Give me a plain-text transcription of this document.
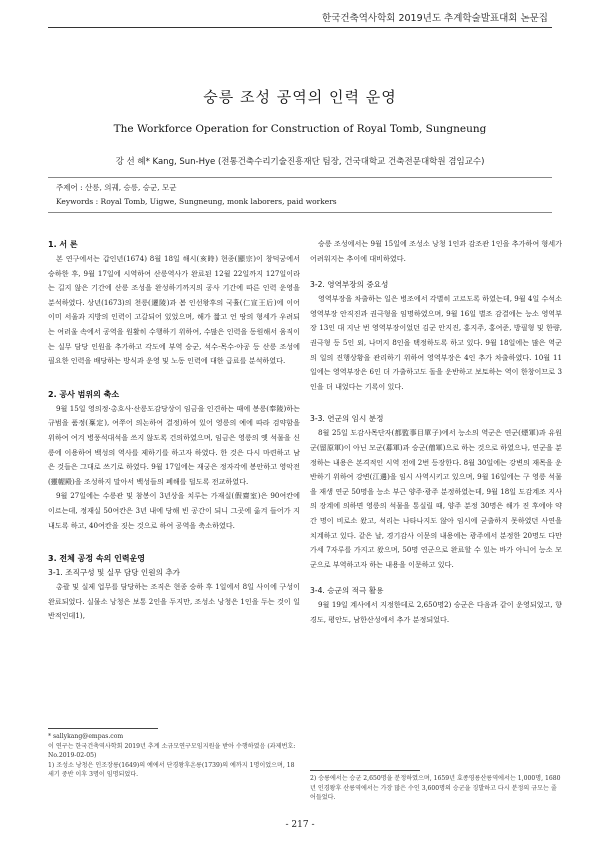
한국건축역사학회 2019년도 추계학술발표대회 논문집
숭릉 조성 공역의 인력 운영
The Workforce Operation for Construction of Royal Tomb, Sungneung
강 선 혜* Kang, Sun-Hye (전통건축수리기술진흥재단 팀장, 건국대학교 건축전문대학원 겸임교수)
주제어 : 산릉, 의궤, 승릉, 승군, 모군
Keywords : Royal Tomb, Uigwe, Sungneung, monk laborers, paid workers
1. 서 론
본 연구에서는 갑인년(1674) 8월 18일 해시(亥時) 현종(顯宗)이 창덕궁에서 승하한 후, 9월 17일에 시역하여 산릉역사가 완료된 12월 22일까지 127일이라는 길지 않은 기간에 산릉 조성을 완성하기까지의 공사 기간에 따른 인력 운영을 분석하였다. 상년(1673)의 천릉(遷陵)과 봄 인선왕후의 국휼(仁宣王后)에 이어 이미 서울과 지방의 인력이 고갈되어 있었으며, 해가 짧고 언 땅의 형세가 우려되는 여러울 속에서 공역을 원활히 수행하기 위하여, 수많은 인력을 동원해서 움직이는 실무 담당 인원을 추가하고 각도에 부역 승군, 석수·목수·야공 등 산릉 조성에 필요한 인력을 배당하는 방식과 운영 및 노동 인력에 대한 급료를 분석하였다.
2. 공사 범위의 축소
9월 15일 영의정·총호사·산릉도감당상이 임금을 인견하는 때에 봉릉(奉陵)하는 규범을 품정(稟定), 여쭈어 의논하여 결정)하여 있어 영릉의 예에 따라 검약함을 위하여 여겨 병풍석대석을 쓰지 않도록 건의하였으며, 임금은 영릉의 옛 석물을 신릉에 이용하여 백성의 역사를 제하기를 하고자 하였다. 한 것은 다시 마련하고 남은 것들은 그대로 쓰기로 하였다. 9월 17일에는 재궁은 정자각에 봉안하고 영악전(靈幄殿)을 조성하지 말아서 백성들의 폐해를 덜도록 전교하였다.
9월 27일에는 수릉관 및 참봉이 3년상을 치루는 가재실(假齋室)은 90여칸에 이르는데, 정재실 50여칸은 3년 내에 당해 빈 공간이 되니 그곳에 옮겨 들어가 지내도록 하고, 40여칸을 짓는 것으로 하여 공역을 축소하였다.
3. 전체 공정 속의 인력운영
3-1. 조직구성 및 실무 담당 인원의 추가
총괄 및 실제 업무를 담당하는 조직은 현종 승하 후 1일에서 8일 사이에 구성이 완료되었다. 실물소 낭청은 보통 2인을 두지만, 조성소 낭청은 1인을 두는 것이 일반적인데1),
승릉 조성에서는 9월 15일에 조성소 낭청 1인과 감조관 1인을 추가하여 형세가 어려워지는 추이에 대비하였다.
3-2. 영역부장의 중요성
영역부장을 차출하는 일은 병조에서 각별히 고르도록 하였는데, 9월 4일 수석소 영역부장 안직진과 권극형을 임명하였으며, 9월 16일 별조 감결에는 능소 영역부장 13인 대 지난 번 영역부장이었던 김군 안지진, 홍지주, 홍여준, 방필형 및 한량, 권극형 등 5인 외, 나머지 8인을 택정하도록 하고 있다. 9월 18일에는 많은 역군의 일의 진행상황을 관리하기 위하여 영역부장은 4인 추가 차출하였다. 10월 11일에는 영역부장은 6인 더 가출하고도 돌을 운반하고 보토하는 역이 한창이므로 3인을 더 내었다는 기록이 있다.
3-3. 연군의 임시 분정
8월 25일 도감사목단자(都監事目單子)에서 능소의 역군은 연군(煙軍)과 유원군(留原軍)이 아닌 모군(募軍)과 승군(僧軍)으로 하는 것으로 하였으나, 연군을 분정하는 내용은 본격적인 시역 전에 2번 등장한다. 8월 30일에는 강변의 재목을 운반하기 위하여 강변(江邊)을 임시 사역시키고 있으며, 9월 16일에는 구 영릉 석물을 재생 연군 50명을 능소 부근 양주·광주 분정하였는데, 9월 18일 도감계조 지사의 장계에 의하면 영릉의 석물을 통실릴 때, 양주 분정 30명은 해가 진 후에야 약간 명이 비로소 왔고, 석리는 나타나지도 않아 임시에 굳출하지 못하였던 사연을 치계하고 있다. 같은 날, 경기감사 이문의 내용에는 광주에서 분정한 20명도 다만 가세 7자루를 가지고 왔으며, 50명 연군으로 완료할 수 있는 바가 아니어 능소 모군으로 부역하고자 하는 내용을 이문하고 있다.
3-4. 승군의 적극 활용
9월 19일 계사에서 지정한데로 2,650명2) 승군은 다음과 같이 운영되었고, 향경도, 평안도, 남한산성에서 추가 분정되었다.
* sallykang@empas.com
이 연구는 한국건축역사학회 2019년 추계 소규모연구모임지원을 받아 수행하였음 (과제번호: No.2019-02-05)
1) 조성소 낭청은 인조장릉(1649)의 예에서 단경왕후온릉(1739)의 예까지 1명이었으며, 18세기 중반 이후 3명이 임명되었다.
2) 승릉에서는 승군 2,650명을 분정하였으며, 1659년 효종영릉산릉역에서는 1,000명, 1680년 인경왕후 산릉역에서는 가장 많은 수인 3,600명의 승군을 징발하고 다시 분정의 규모는 줄어들었다.
- 217 -
